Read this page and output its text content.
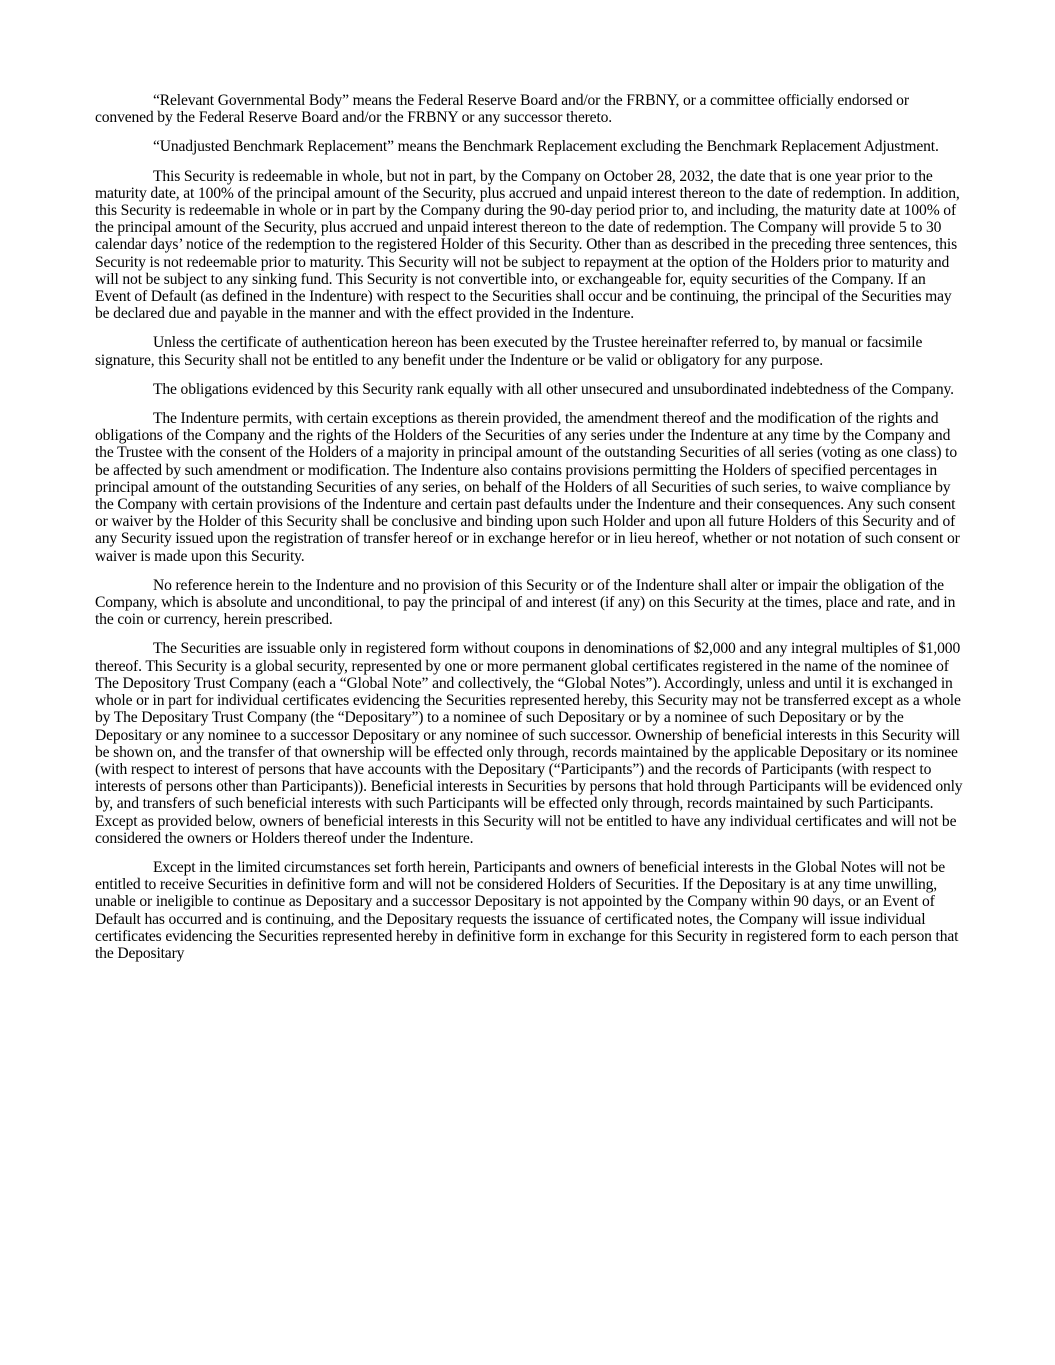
“Relevant Governmental Body” means the Federal Reserve Board and/or the FRBNY, or a committee officially endorsed or convened by the Federal Reserve Board and/or the FRBNY or any successor thereto.

“Unadjusted Benchmark Replacement” means the Benchmark Replacement excluding the Benchmark Replacement Adjustment.

This Security is redeemable in whole, but not in part, by the Company on October 28, 2032, the date that is one year prior to the maturity date, at 100% of the principal amount of the Security, plus accrued and unpaid interest thereon to the date of redemption. In addition, this Security is redeemable in whole or in part by the Company during the 90-day period prior to, and including, the maturity date at 100% of the principal amount of the Security, plus accrued and unpaid interest thereon to the date of redemption. The Company will provide 5 to 30 calendar days’ notice of the redemption to the registered Holder of this Security. Other than as described in the preceding three sentences, this Security is not redeemable prior to maturity. This Security will not be subject to repayment at the option of the Holders prior to maturity and will not be subject to any sinking fund. This Security is not convertible into, or exchangeable for, equity securities of the Company. If an Event of Default (as defined in the Indenture) with respect to the Securities shall occur and be continuing, the principal of the Securities may be declared due and payable in the manner and with the effect provided in the Indenture.

Unless the certificate of authentication hereon has been executed by the Trustee hereinafter referred to, by manual or facsimile signature, this Security shall not be entitled to any benefit under the Indenture or be valid or obligatory for any purpose.

The obligations evidenced by this Security rank equally with all other unsecured and unsubordinated indebtedness of the Company.

The Indenture permits, with certain exceptions as therein provided, the amendment thereof and the modification of the rights and obligations of the Company and the rights of the Holders of the Securities of any series under the Indenture at any time by the Company and the Trustee with the consent of the Holders of a majority in principal amount of the outstanding Securities of all series (voting as one class) to be affected by such amendment or modification. The Indenture also contains provisions permitting the Holders of specified percentages in principal amount of the outstanding Securities of any series, on behalf of the Holders of all Securities of such series, to waive compliance by the Company with certain provisions of the Indenture and certain past defaults under the Indenture and their consequences. Any such consent or waiver by the Holder of this Security shall be conclusive and binding upon such Holder and upon all future Holders of this Security and of any Security issued upon the registration of transfer hereof or in exchange herefor or in lieu hereof, whether or not notation of such consent or waiver is made upon this Security.

No reference herein to the Indenture and no provision of this Security or of the Indenture shall alter or impair the obligation of the Company, which is absolute and unconditional, to pay the principal of and interest (if any) on this Security at the times, place and rate, and in the coin or currency, herein prescribed.

The Securities are issuable only in registered form without coupons in denominations of $2,000 and any integral multiples of $1,000 thereof. This Security is a global security, represented by one or more permanent global certificates registered in the name of the nominee of The Depository Trust Company (each a “Global Note” and collectively, the “Global Notes”). Accordingly, unless and until it is exchanged in whole or in part for individual certificates evidencing the Securities represented hereby, this Security may not be transferred except as a whole by The Depositary Trust Company (the “Depositary”) to a nominee of such Depositary or by a nominee of such Depositary or by the Depositary or any nominee to a successor Depositary or any nominee of such successor. Ownership of beneficial interests in this Security will be shown on, and the transfer of that ownership will be effected only through, records maintained by the applicable Depositary or its nominee (with respect to interest of persons that have accounts with the Depositary (“Participants”) and the records of Participants (with respect to interests of persons other than Participants)). Beneficial interests in Securities by persons that hold through Participants will be evidenced only by, and transfers of such beneficial interests with such Participants will be effected only through, records maintained by such Participants. Except as provided below, owners of beneficial interests in this Security will not be entitled to have any individual certificates and will not be considered the owners or Holders thereof under the Indenture.

Except in the limited circumstances set forth herein, Participants and owners of beneficial interests in the Global Notes will not be entitled to receive Securities in definitive form and will not be considered Holders of Securities. If the Depositary is at any time unwilling, unable or ineligible to continue as Depositary and a successor Depositary is not appointed by the Company within 90 days, or an Event of Default has occurred and is continuing, and the Depositary requests the issuance of certificated notes, the Company will issue individual certificates evidencing the Securities represented hereby in definitive form in exchange for this Security in registered form to each person that the Depositary
